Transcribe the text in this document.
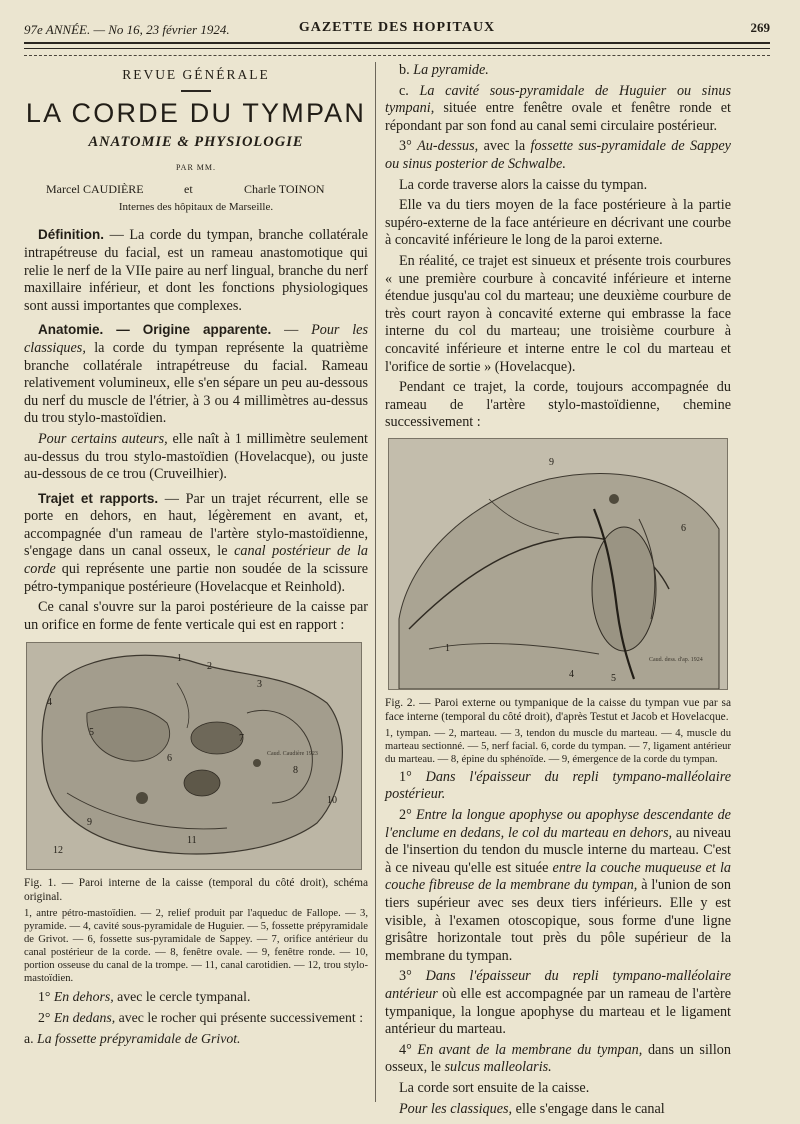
97e ANNÉE. — No 16, 23 février 1924.	GAZETTE DES HOPITAUX	269
REVUE GÉNÉRALE
LA CORDE DU TYMPAN
ANATOMIE & PHYSIOLOGIE
PAR MM.
Marcel CAUDIÈRE	et	Charle TOINON
Internes des hôpitaux de Marseille.

Définition. — La corde du tympan, branche collatérale intrapétreuse du facial, est un rameau anastomotique qui relie le nerf de la VIIe paire au nerf lingual, branche du nerf maxillaire inférieur, et dont les fonctions physiologiques sont aussi importantes que complexes.

Anatomie. — Origine apparente. — Pour les classiques, la corde du tympan représente la quatrième branche collatérale intrapétreuse du facial. Rameau relativement volumineux, elle s'en sépare un peu au-dessous du nerf du muscle de l'étrier, à 3 ou 4 millimètres au-dessus du trou stylo-mastoïdien.

Pour certains auteurs, elle naît à 1 millimètre seulement au-dessus du trou stylo-mastoïdien (Hovelacque), ou juste au-dessous de ce trou (Cruveilhier).

Trajet et rapports. — Par un trajet récurrent, elle se porte en dehors, en haut, légèrement en avant, et, accompagnée d'un rameau de l'artère stylo-mastoïdienne, s'engage dans un canal osseux, le canal postérieur de la corde qui représente une partie non soudée de la scissure pétro-tympanique postérieure (Hovelacque et Reinhold).

Ce canal s'ouvre sur la paroi postérieure de la caisse par un orifice en forme de fente verticale qui est en rapport :

1
2
3
4
5
6
7
8
9
10
11
12
Caud. Caudière 1923

Fig. 1. — Paroi interne de la caisse (temporal du côté droit), schéma original.

1, antre pétro-mastoïdien. — 2, relief produit par l'aqueduc de Fallope. — 3, pyramide. — 4, cavité sous-pyramidale de Huguier. — 5, fossette prépyramidale de Grivot. — 6, fossette sus-pyramidale de Sappey. — 7, orifice antérieur du canal postérieur de la corde. — 8, fenêtre ovale. — 9, fenêtre ronde. — 10, portion osseuse du canal de la trompe. — 11, canal carotidien. — 12, trou stylo-mastoïdien.

1° En dehors, avec le cercle tympanal.

2° En dedans, avec le rocher qui présente successivement :

a. La fossette prépyramidale de Grivot.

b. La pyramide.

c. La cavité sous-pyramidale de Huguier ou sinus tympani, située entre fenêtre ovale et fenêtre ronde et répondant par son fond au canal semi circulaire postérieur.

3° Au-dessus, avec la fossette sus-pyramidale de Sappey ou sinus posterior de Schwalbe.

La corde traverse alors la caisse du tympan.

Elle va du tiers moyen de la face postérieure à la partie supéro-externe de la face antérieure en décrivant une courbe à concavité inférieure le long de la paroi externe.

En réalité, ce trajet est sinueux et présente trois courbures « une première courbure à concavité inférieure et interne étendue jusqu'au col du marteau; une deuxième courbure de très court rayon à concavité externe qui embrasse la face interne du col du marteau; une troisième courbure à concavité inférieure et interne entre le col du marteau et l'orifice de sortie » (Hovelacque).

Pendant ce trajet, la corde, toujours accompagnée du rameau de l'artère stylo-mastoïdienne, chemine successivement :

1
4	5
6
9
Caud. dess. d'ap. 1924

Fig. 2. — Paroi externe ou tympanique de la caisse du tympan vue par sa face interne (temporal du côté droit), d'après Testut et Jacob et Hovelacque.

1, tympan. — 2, marteau. — 3, tendon du muscle du marteau. — 4, muscle du marteau sectionné. — 5, nerf facial. 6, corde du tympan. — 7, ligament antérieur du marteau. — 8, épine du sphénoïde. — 9, émergence de la corde du tympan.

1° Dans l'épaisseur du repli tympano-malléolaire postérieur.

2° Entre la longue apophyse ou apophyse descendante de l'enclume en dedans, le col du marteau en dehors, au niveau de l'insertion du tendon du muscle interne du marteau. C'est à ce niveau qu'elle est située entre la couche muqueuse et la couche fibreuse de la membrane du tympan, à l'union de son tiers supérieur avec ses deux tiers inférieurs. Elle y est visible, à l'examen otoscopique, sous forme d'une ligne grisâtre horizontale tout près du pôle supérieur de la membrane du tympan.

3° Dans l'épaisseur du repli tympano-malléolaire antérieur où elle est accompagnée par un rameau de l'artère tympanique, la longue apophyse du marteau et le ligament antérieur du marteau.

4° En avant de la membrane du tympan, dans un sillon osseux, le sulcus malleolaris.

La corde sort ensuite de la caisse.

Pour les classiques, elle s'engage dans le canal
